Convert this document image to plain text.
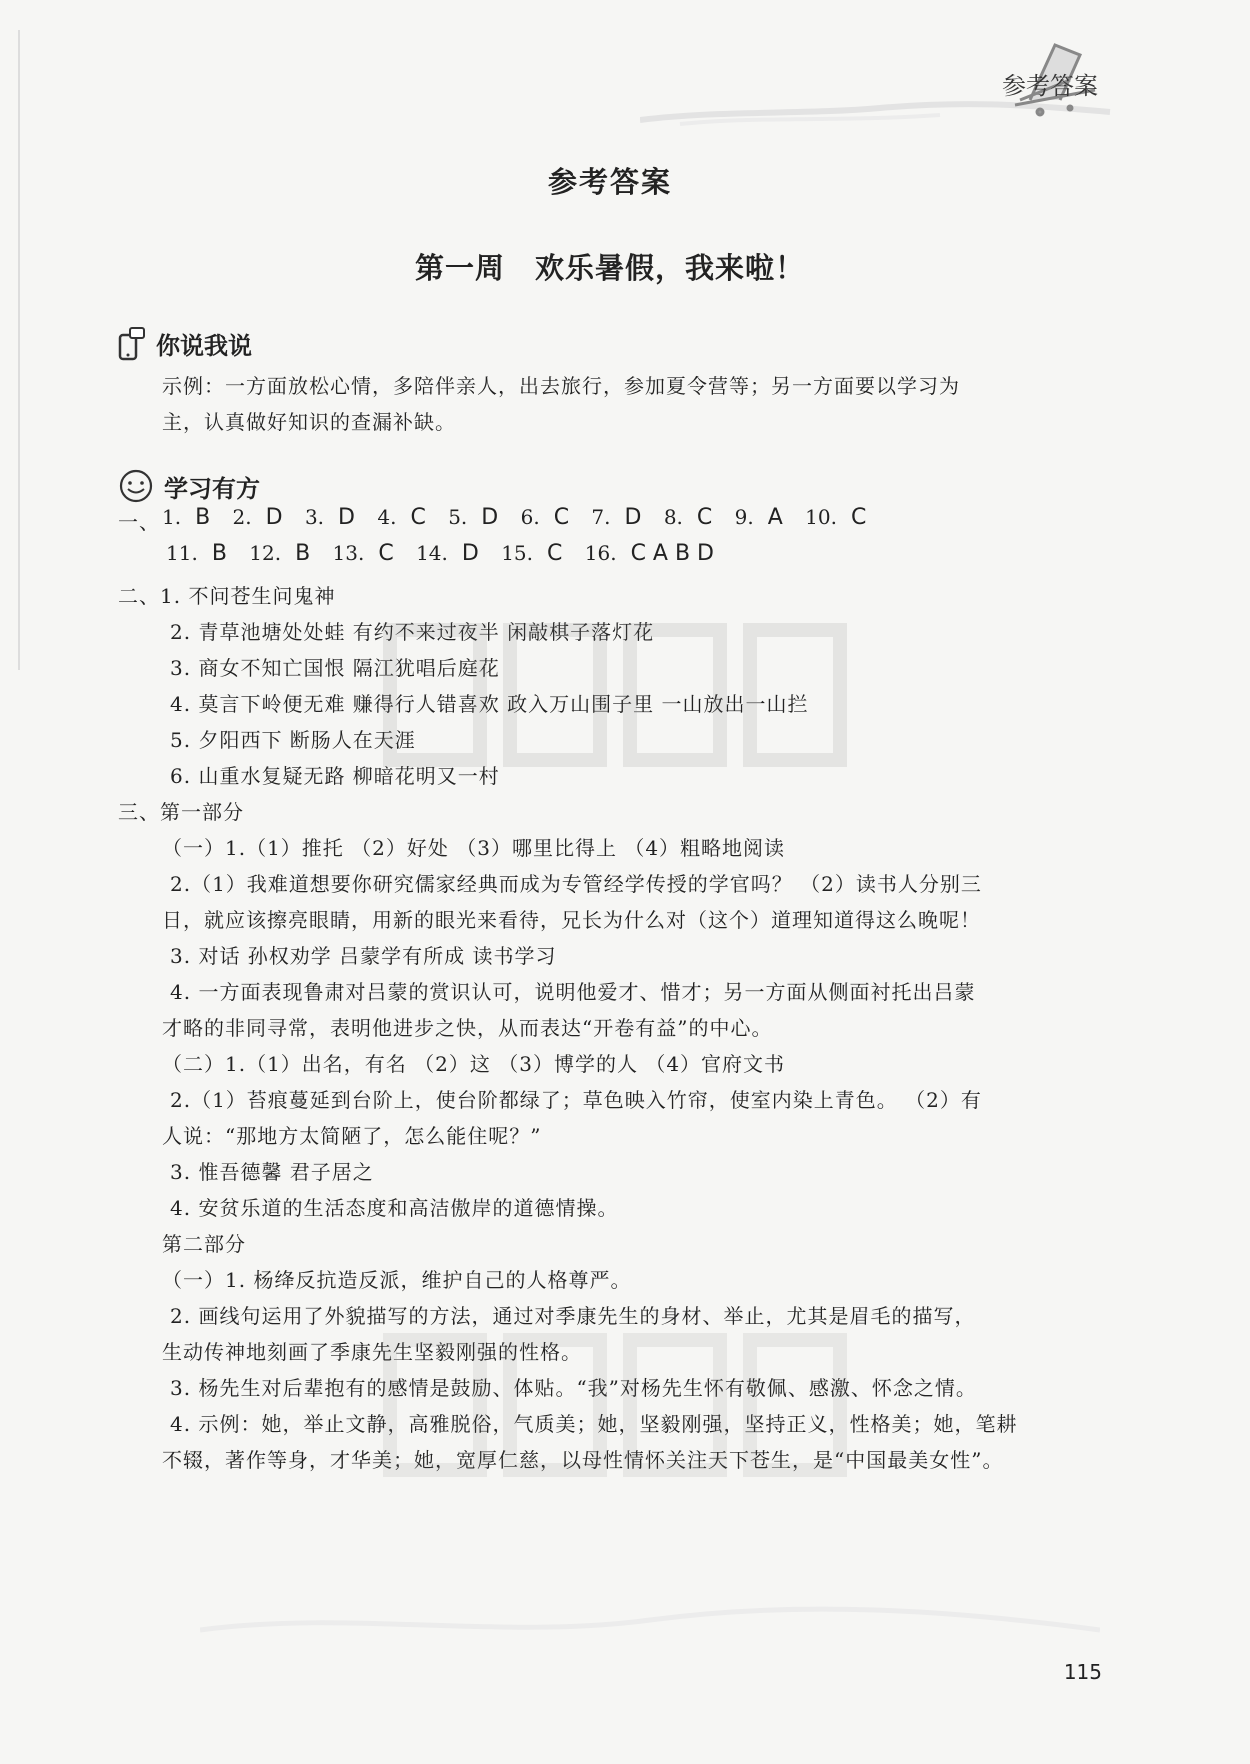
参考答案
参考答案
第一周　欢乐暑假，我来啦！
你说我说
示例：一方面放松心情，多陪伴亲人，出去旅行，参加夏令营等；另一方面要以学习为
主，认真做好知识的查漏补缺。
学习有方
一、 1. B 2. D 3. D 4. C 5. D 6. C 7. D 8. C 9. A 10. C
11. B 12. B 13. C 14. D 15. C 16. C A B D
二、1. 不问苍生问鬼神
2. 青草池塘处处蛙 有约不来过夜半 闲敲棋子落灯花
3. 商女不知亡国恨 隔江犹唱后庭花
4. 莫言下岭便无难 赚得行人错喜欢 政入万山围子里 一山放出一山拦
5. 夕阳西下 断肠人在天涯
6. 山重水复疑无路 柳暗花明又一村
三、第一部分
（一）1.（1）推托 （2）好处 （3）哪里比得上 （4）粗略地阅读
2.（1）我难道想要你研究儒家经典而成为专管经学传授的学官吗？ （2）读书人分别三
日，就应该擦亮眼睛，用新的眼光来看待，兄长为什么对（这个）道理知道得这么晚呢！
3. 对话 孙权劝学 吕蒙学有所成 读书学习
4. 一方面表现鲁肃对吕蒙的赏识认可，说明他爱才、惜才；另一方面从侧面衬托出吕蒙
才略的非同寻常，表明他进步之快，从而表达“开卷有益”的中心。
（二）1.（1）出名，有名 （2）这 （3）博学的人 （4）官府文书
2.（1）苔痕蔓延到台阶上，使台阶都绿了；草色映入竹帘，使室内染上青色。 （2）有
人说：“那地方太简陋了，怎么能住呢？”
3. 惟吾德馨 君子居之
4. 安贫乐道的生活态度和高洁傲岸的道德情操。
第二部分
（一）1. 杨绛反抗造反派，维护自己的人格尊严。
2. 画线句运用了外貌描写的方法，通过对季康先生的身材、举止，尤其是眉毛的描写，
生动传神地刻画了季康先生坚毅刚强的性格。
3. 杨先生对后辈抱有的感情是鼓励、体贴。“我”对杨先生怀有敬佩、感激、怀念之情。
4. 示例：她，举止文静，高雅脱俗，气质美；她，坚毅刚强，坚持正义，性格美；她，笔耕
不辍，著作等身，才华美；她，宽厚仁慈，以母性情怀关注天下苍生，是“中国最美女性”。
115
